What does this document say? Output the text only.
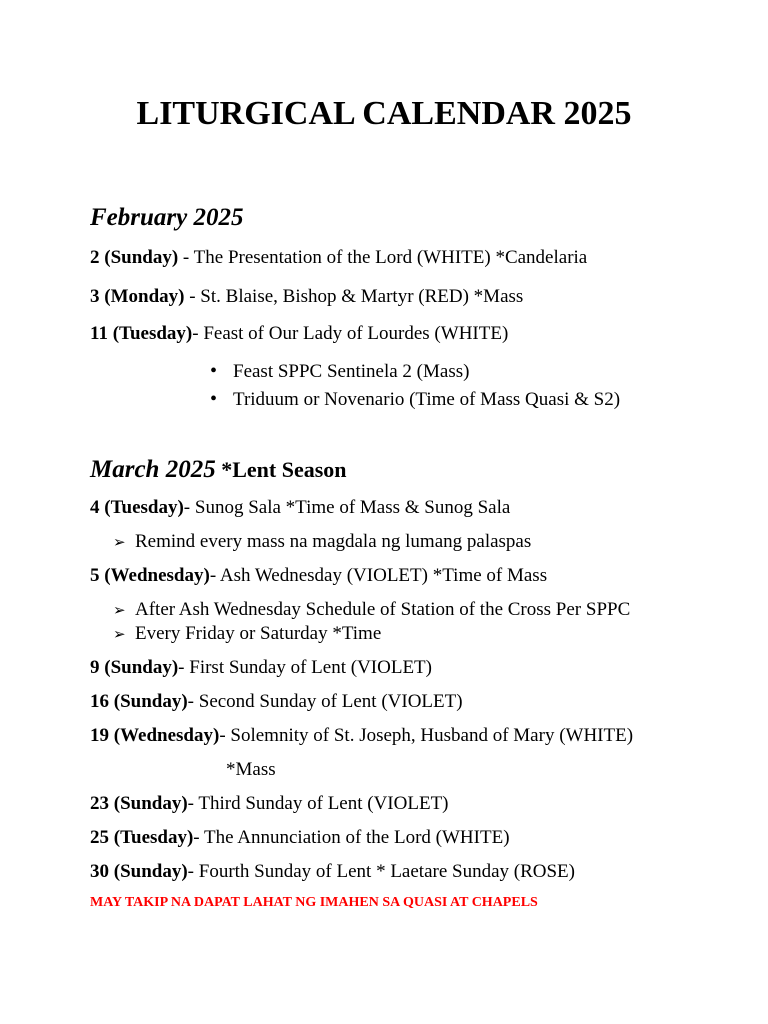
LITURGICAL CALENDAR 2025
February 2025
2 (Sunday) - The Presentation of the Lord (WHITE) *Candelaria
3 (Monday) - St. Blaise, Bishop & Martyr (RED) *Mass
11 (Tuesday)- Feast of Our Lady of Lourdes (WHITE)
• Feast SPPC Sentinela 2 (Mass)
• Triduum or Novenario (Time of Mass Quasi & S2)
March 2025 *Lent Season
4 (Tuesday)- Sunog Sala *Time of Mass & Sunog Sala
➢ Remind every mass na magdala ng lumang palaspas
5 (Wednesday)- Ash Wednesday (VIOLET) *Time of Mass
➢ After Ash Wednesday Schedule of Station of the Cross Per SPPC
➢ Every Friday or Saturday *Time
9 (Sunday)- First Sunday of Lent (VIOLET)
16 (Sunday)- Second Sunday of Lent (VIOLET)
19 (Wednesday)- Solemnity of St. Joseph, Husband of Mary (WHITE)
*Mass
23 (Sunday)- Third Sunday of Lent (VIOLET)
25 (Tuesday)- The Annunciation of the Lord (WHITE)
30 (Sunday)- Fourth Sunday of Lent * Laetare Sunday (ROSE)
MAY TAKIP NA DAPAT LAHAT NG IMAHEN SA QUASI AT CHAPELS
